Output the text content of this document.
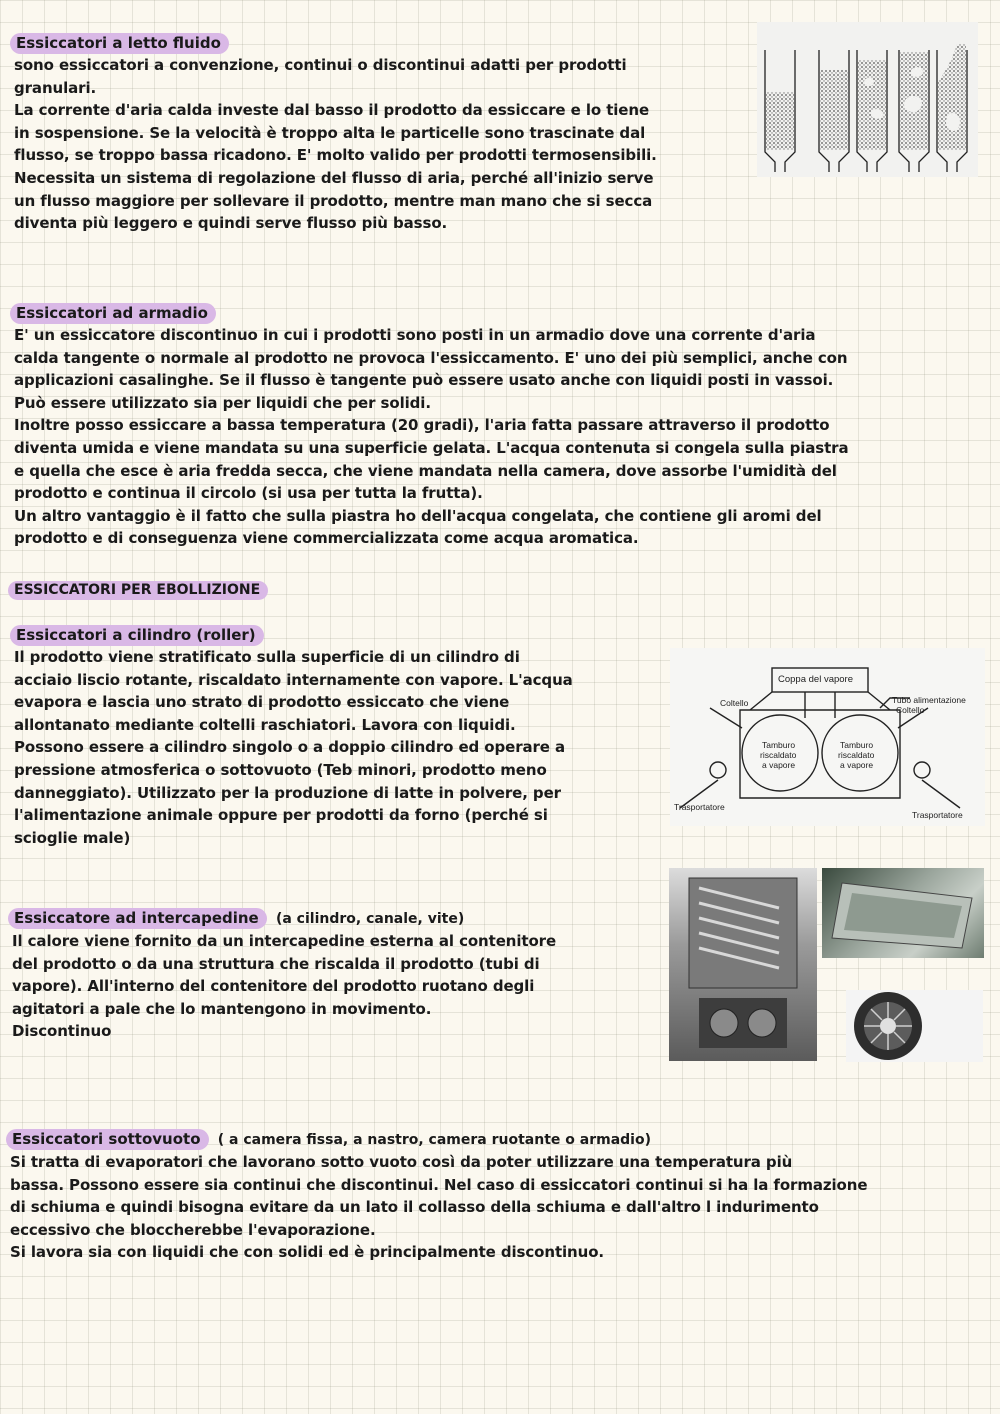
Essiccatori a letto fluido

sono essiccatori a convenzione, continui o discontinui adatti per prodotti
granulari.
La corrente d'aria calda investe dal basso il prodotto da essiccare e lo tiene
in sospensione. Se la velocità è troppo alta le particelle sono trascinate dal
flusso, se troppo bassa ricadono. E' molto valido per prodotti termosensibili.
Necessita un sistema di regolazione del flusso di aria, perché all'inizio serve
un flusso maggiore per sollevare il prodotto, mentre man mano che si secca
diventa più leggero e quindi serve flusso più basso.

Essiccatori ad armadio

E' un essiccatore discontinuo in cui i prodotti sono posti in un armadio dove una corrente d'aria
calda tangente o normale al prodotto ne provoca l'essiccamento. E' uno dei più semplici, anche con
applicazioni casalinghe. Se il flusso è tangente può essere usato anche con liquidi posti in vassoi.
Può essere utilizzato sia per liquidi che per solidi.
Inoltre posso essiccare a bassa temperatura (20 gradi), l'aria fatta passare attraverso il prodotto
diventa umida e viene mandata su una superficie gelata. L'acqua contenuta si congela sulla piastra
e quella che esce è aria fredda secca, che viene mandata nella camera, dove assorbe l'umidità del
prodotto e continua il circolo (si usa per tutta la frutta).
Un altro vantaggio è il fatto che sulla piastra ho dell'acqua congelata, che contiene gli aromi del
prodotto e di conseguenza viene commercializzata come acqua aromatica.

ESSICCATORI PER EBOLLIZIONE
Essiccatori a cilindro (roller)

Il prodotto viene stratificato sulla superficie di un cilindro di
acciaio liscio rotante, riscaldato internamente con vapore. L'acqua
evapora e lascia uno strato di prodotto essiccato che viene
allontanato mediante coltelli raschiatori. Lavora con liquidi.
Possono essere a cilindro singolo o a doppio cilindro ed operare a
pressione atmosferica o sottovuoto (Teb minori, prodotto meno
danneggiato). Utilizzato per la produzione di latte in polvere, per
l'alimentazione animale oppure per prodotti da forno (perché si
scioglie male)

Coppa del vapore
Tubo alimentazione
Coltello
Coltello
Tamburo
riscaldato
a vapore
Tamburo
riscaldato
a vapore
Trasportatore
Trasportatore
Essiccatore ad intercapedine (a cilindro, canale, vite)

Il calore viene fornito da un intercapedine esterna al contenitore
del prodotto o da una struttura che riscalda il prodotto (tubi di
vapore). All'interno del contenitore del prodotto ruotano degli
agitatori a pale che lo mantengono in movimento.
Discontinuo

Essiccatori sottovuoto ( a camera fissa, a nastro, camera ruotante o armadio)

Si tratta di evaporatori che lavorano sotto vuoto così da poter utilizzare una temperatura più
bassa. Possono essere sia continui che discontinui. Nel caso di essiccatori continui si ha la formazione
di schiuma e quindi bisogna evitare da un lato il collasso della schiuma e dall'altro l indurimento
eccessivo che bloccherebbe l'evaporazione.
Si lavora sia con liquidi che con solidi ed è principalmente discontinuo.
